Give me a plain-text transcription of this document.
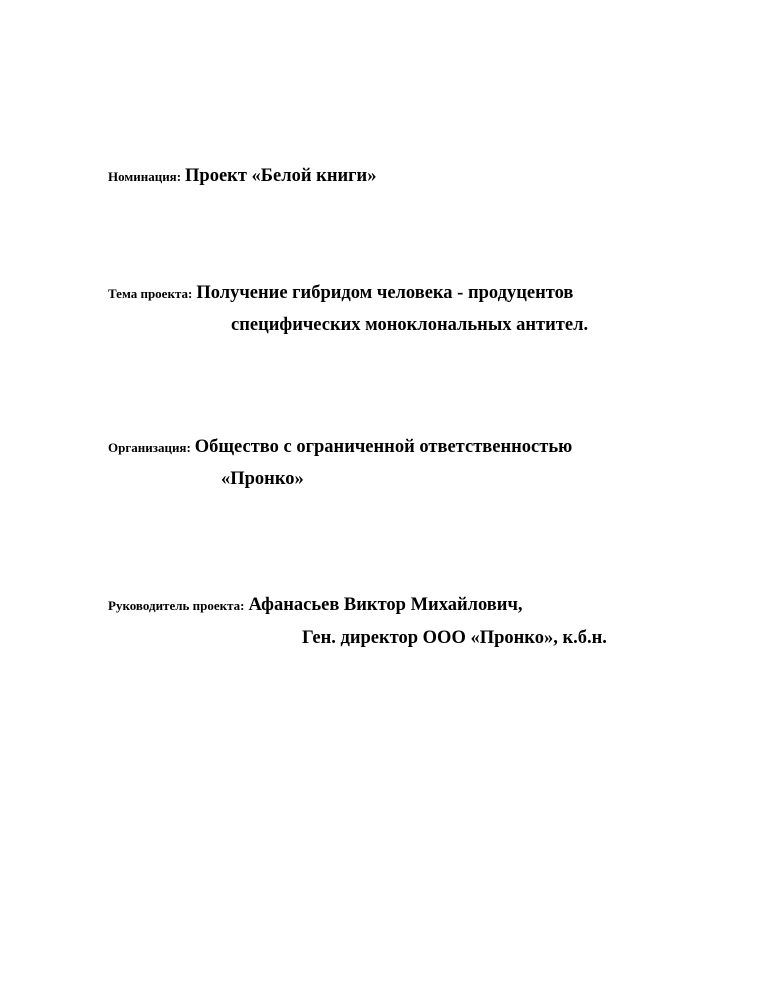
Номинация: Проект «Белой книги»
Тема проекта: Получение гибридом человека - продуцентов
специфических моноклональных антител.
Организация: Общество с ограниченной ответственностью
«Пронко»
Руководитель проекта: Афанасьев Виктор Михайлович,
Ген. директор ООО «Пронко», к.б.н.
